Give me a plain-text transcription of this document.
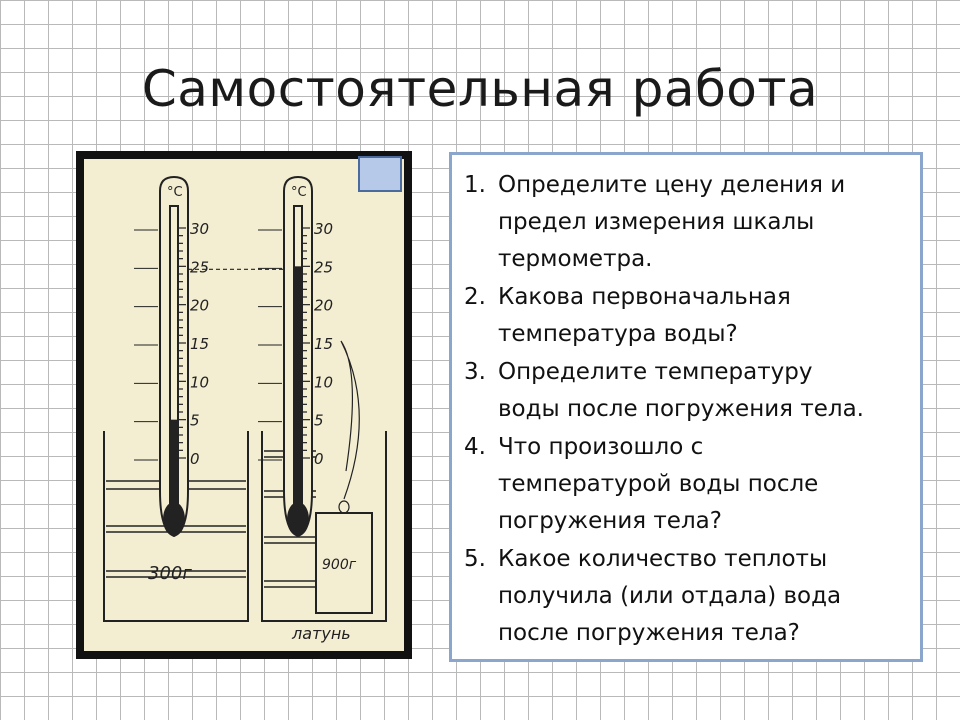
Самостоятельная работа
°C
30
25
20
15
10
5
0
°C
30
25
20
15
10
5
0
300г	900г
латунь
1. Определите цену деления и
предел измерения шкалы
термометра.
2. Какова первоначальная
температура воды?
3. Определите температуру
воды после погружения тела.
4. Что произошло с
температурой воды после
погружения тела?
5. Какое количество теплоты
получила (или отдала) вода
после погружения тела?
